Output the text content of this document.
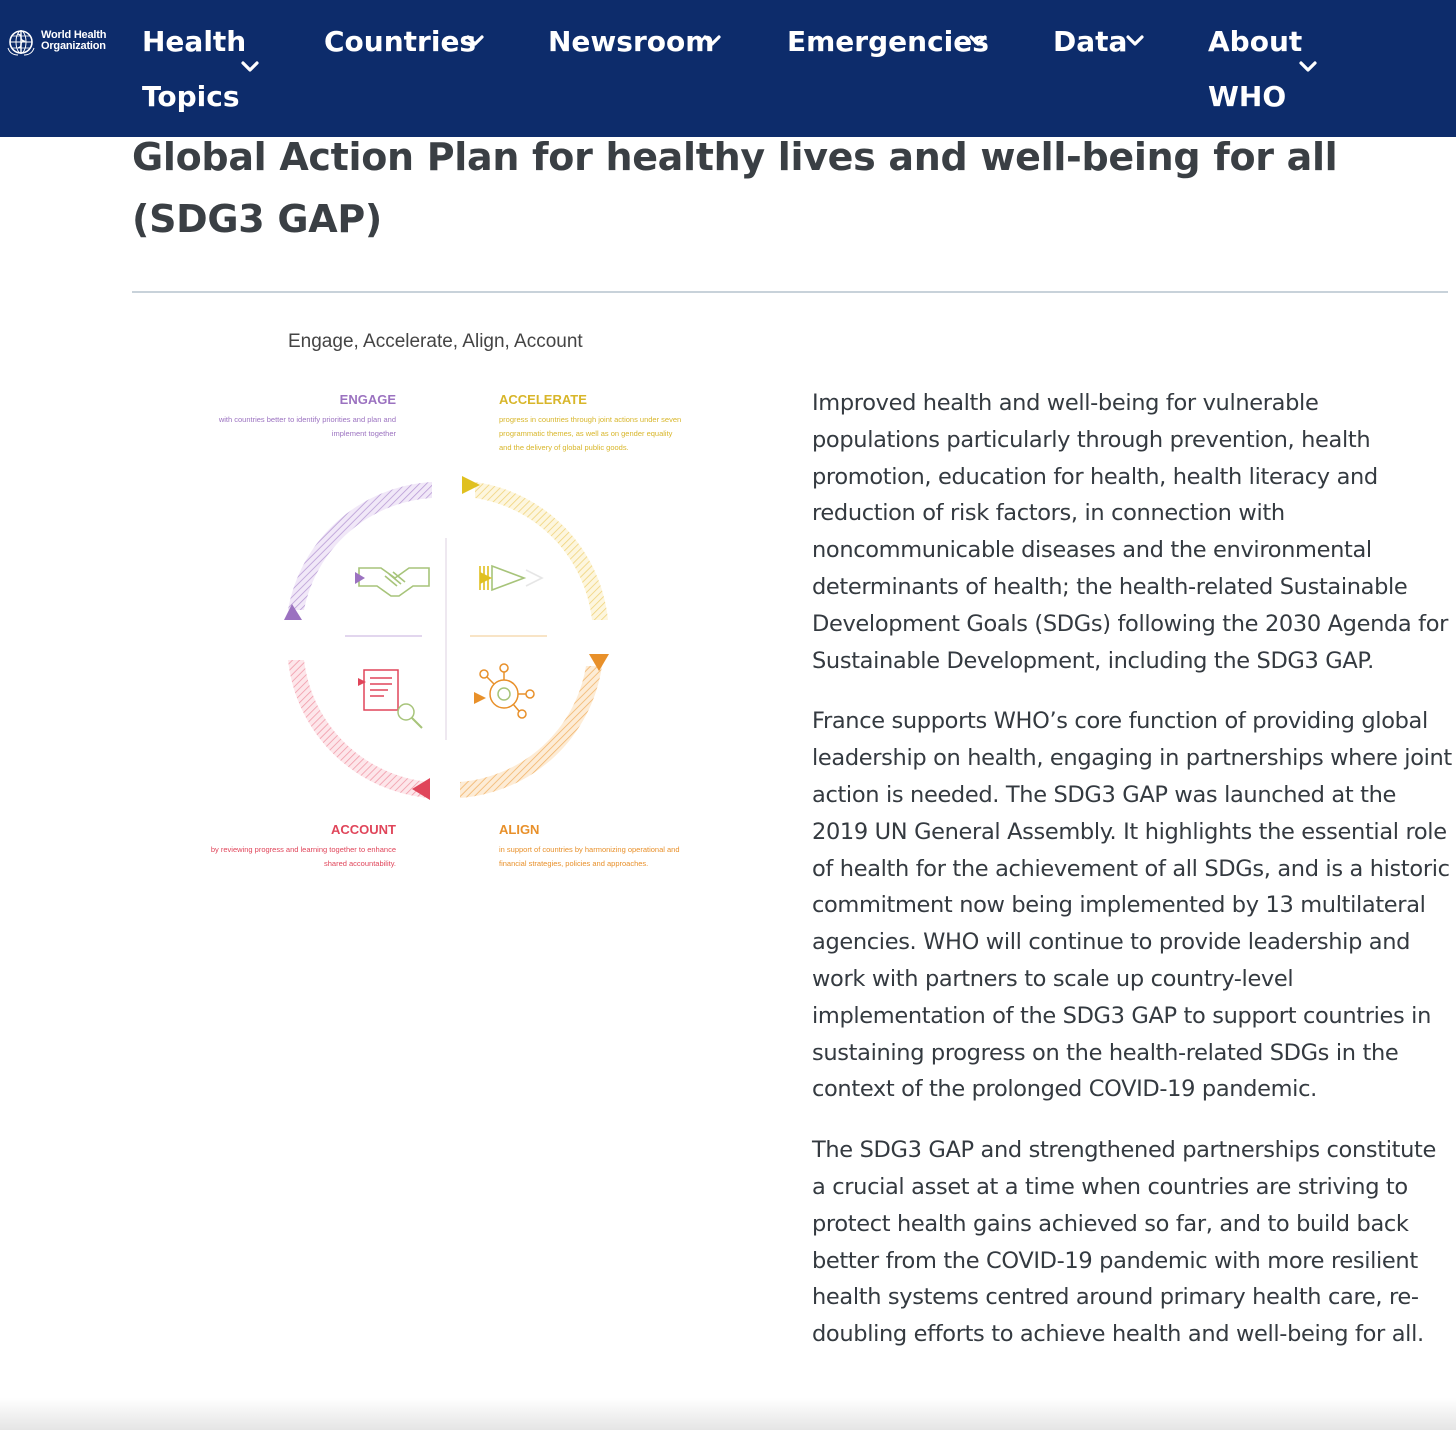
World Health
Organization Health
Topics
Countries	Newsroom	Emergencies Data	About
WHO
Global Action Plan for healthy lives and well-being for all (SDG3 GAP)
Engage, Accelerate, Align, Account
ENGAGE
with countries better to identify priorities and plan and
implement together
ACCELERATE
progress in countries through joint actions under seven
programmatic themes, as well as on gender equality
and the delivery of global public goods.
ACCOUNT
by reviewing progress and learning together to enhance
shared accountability.
ALIGN
in support of countries by harmonizing operational and
financial strategies, policies and approaches.

Improved health and well-being for vulnerable populations particularly through prevention, health promotion, education for health, health literacy and reduction of risk factors, in connection with noncommunicable diseases and the environmental determinants of health; the health-related Sustainable Development Goals (SDGs) following the 2030 Agenda for Sustainable Development, including the SDG3 GAP.

France supports WHO’s core function of providing global leadership on health, engaging in partnerships where joint action is needed. The SDG3 GAP was launched at the 2019 UN General Assembly. It highlights the essential role of health for the achievement of all SDGs, and is a historic commitment now being implemented by 13 multilateral agencies. WHO will continue to provide leadership and work with partners to scale up country-level implementation of the SDG3 GAP to support countries in sustaining progress on the health-related SDGs in the context of the prolonged COVID-19 pandemic.

The SDG3 GAP and strengthened partnerships constitute a crucial asset at a time when countries are striving to protect health gains achieved so far, and to build back better from the COVID-19 pandemic with more resilient health systems centred around primary health care, re-doubling efforts to achieve health and well-being for all.
